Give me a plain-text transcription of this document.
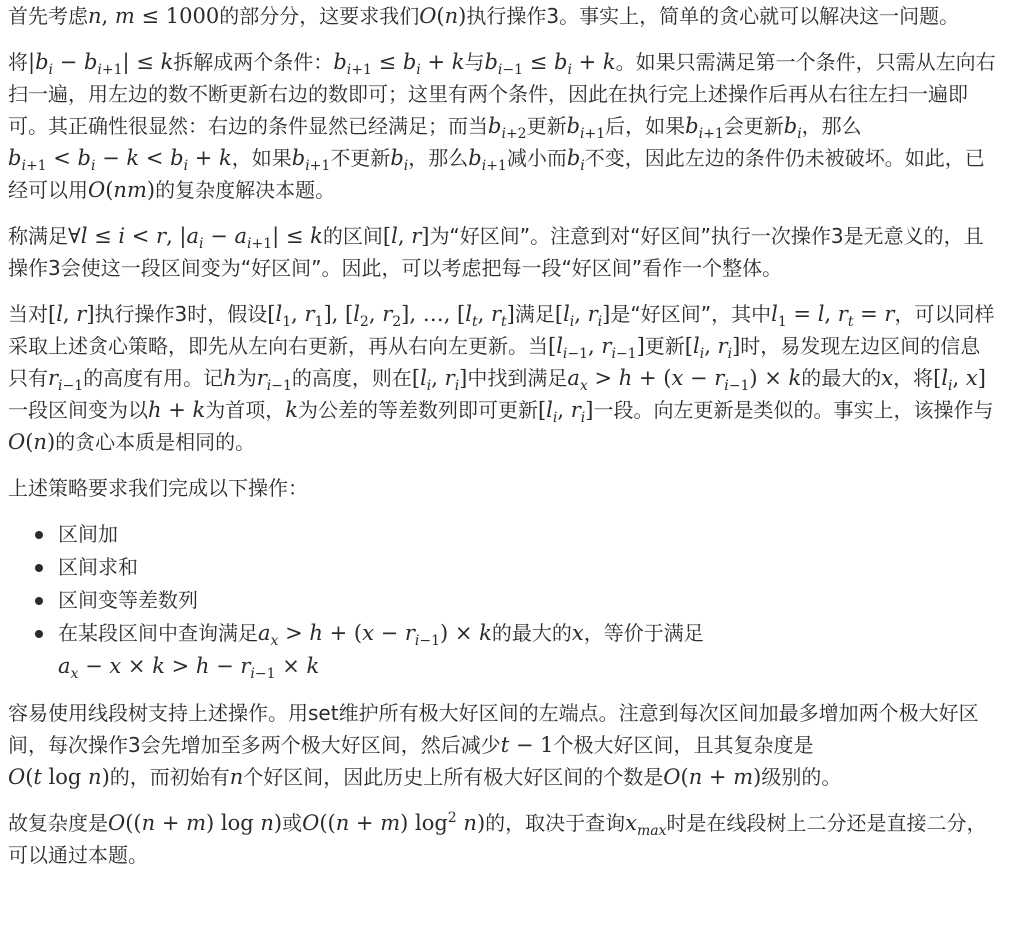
首先考虑n, m ≤ 1000的部分分，这要求我们O(n)执行操作3。事实上，简单的贪心就可以解决这一问题。

将$|b_i - b_{i+1}| \le k$拆解成两个条件：$b_{i+1} \le b_i + k$与$b_{i-1} \le b_i + k$。如果只需满足第一个条件，只需从左向右扫一遍，用左边的数不断更新右边的数即可；这里有两个条件，因此在执行完上述操作后再从右往左扫一遍即可。其正确性很显然：右边的条件显然已经满足；而当$b_{i+2}$更新$b_{i+1}$后，如果$b_{i+1}$会更新$b_i$，那么$b_{i+1} < b_i - k < b_i + k$，如果$b_{i+1}$不更新$b_i$，那么$b_{i+1}$减小而$b_i$不变，因此左边的条件仍未被破坏。如此，已经可以用O(nm)的复杂度解决本题。

称满足∀l ≤ i < r, $|a_i - a_{i+1}| \le k$的区间[l, r]为“好区间”。注意到对“好区间”执行一次操作3是无意义的，且操作3会使这一段区间变为“好区间”。因此，可以考虑把每一段“好区间”看作一个整体。

当对[l, r]执行操作3时，假设[$l_1$, $r_1$], [$l_2$, $r_2$], …, [$l_t$, $r_t$]满足[$l_i$, $r_i$]是“好区间”，其中$l_1 = l$, $r_t = r$，可以同样采取上述贪心策略，即先从左向右更新，再从右向左更新。当[$l_{i-1}$, $r_{i-1}$]更新[$l_i$, $r_i$]时，易发现左边区间的信息只有$r_{i-1}$的高度有用。记h为$r_{i-1}$的高度，则在[$l_i$, $r_i$]中找到满足$a_x > h + (x - r_{i-1}) \times k$的最大的x，将[$l_i$, x]一段区间变为以h + k为首项，k为公差的等差数列即可更新[$l_i$, $r_i$]一段。向左更新是类似的。事实上，该操作与O(n)的贪心本质是相同的。

上述策略要求我们完成以下操作：

区间加
区间求和
区间变等差数列
在某段区间中查询满足$a_x > h + (x - r_{i-1}) \times k$的最大的x，等价于满足
$a_x - x \times k > h - r_{i-1} \times k$

容易使用线段树支持上述操作。用set维护所有极大好区间的左端点。注意到每次区间加最多增加两个极大好区间，每次操作3会先增加至多两个极大好区间，然后减少t − 1个极大好区间，且其复杂度是
O(t log n)的，而初始有n个好区间，因此历史上所有极大好区间的个数是O(n + m)级别的。

故复杂度是O((n + m) log n)或O((n + m) $\log^2 n$)的，取决于查询$x_{max}$时是在线段树上二分还是直接二分，可以通过本题。
